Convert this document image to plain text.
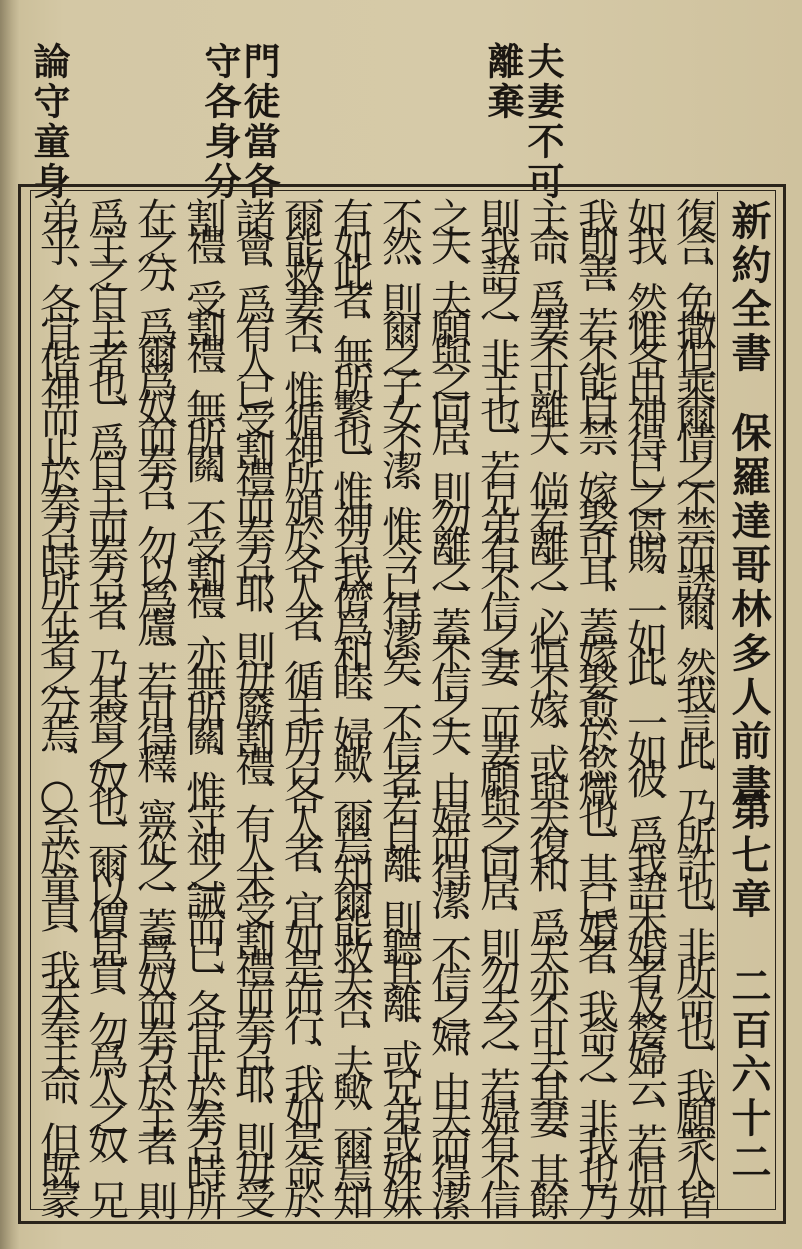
夫妻不可
離棄
門徒當各
守各身分
論守童身
新約全書
保羅達哥林多人前書
第七章
二百六十二
復合、免撒但乘爾情之不禁而誘爾、然我言此、乃所許也、非所命也、我願衆人皆
如我、然惟各由神得已之恩賜、一如此、一如彼、爲我語未婚者及嫠婦云、若恒如
我則善、若不能自禁、嫁娶可耳、蓋嫁娶愈於慾熾也、其已婚者、我命之、非我也乃
主命、爲妻不可離夫、倘若離之、必恒不嫁、或與夫復和、爲夫亦不可去其妻、其餘
則我語之、非主也、若兄弟有不信之妻、而妻願與之同居、則勿去之、若婦有不信
之夫、夫願與之同居、則勿離之、蓋不信之夫、由婦而得潔、不信之婦、由夫而得潔
不然、則爾之子女不潔、惟今已得潔矣、不信者若自離、則聽其離、或兄弟或姊妹
有如此者、無所繫也、惟神召我儕爲和睦、婦歟、爾焉知爾能救夫否、夫歟、爾焉知
爾能救妻否、惟循神所頒於各人者、循主所召各人者、宜如是而行、我如是命於
諸會、爲有人已受割禮而奉召耶、則毋廢割禮、有人未受割禮而奉召耶、則毋受
割禮、受割禮、無所關、不受割禮、亦無所關、惟守神之誡而已、各宜止於奉召時所
在之分、爲爾爲奴而奉召、勿以爲慮、若可得釋、寧從之、蓋爲奴而奉召於主者、則
爲主之自主者也、爲自主而奉召者、乃基督之奴也、爾以價見買、勿爲人之奴、兄
弟乎、各宜偕神而止於奉召時所在者之分焉、○至於童貞、我未奉主命、但既蒙
